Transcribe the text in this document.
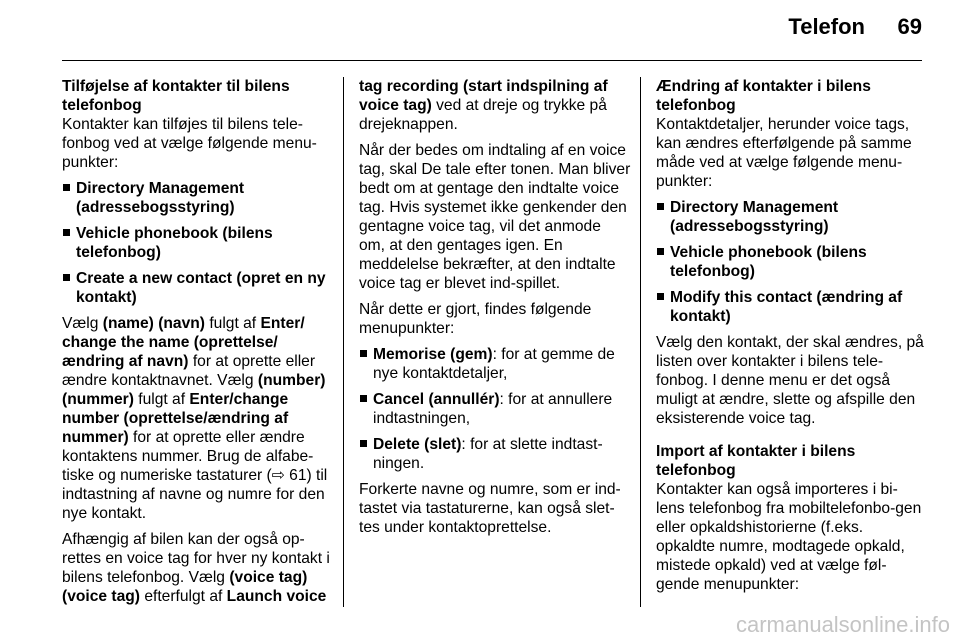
Telefon 69

Tilføjelse af kontakter til bilens telefonbog

Kontakter kan tilføjes til bilens tele-fonbog ved at vælge følgende menu-punkter:

Directory Management (adressebogsstyring)
Vehicle phonebook (bilens telefonbog)
Create a new contact (opret en ny kontakt)

Vælg (name) (navn) fulgt af Enter/ change the name (oprettelse/ ændring af navn) for at oprette eller ændre kontaktnavnet. Vælg (number) (nummer) fulgt af Enter/change number (oprettelse/ændring af nummer) for at oprette eller ændre kontaktens nummer. Brug de alfabe-tiske og numeriske tastaturer (⇨ 61) til indtastning af navne og numre for den nye kontakt.

Afhængig af bilen kan der også op-rettes en voice tag for hver ny kontakt i bilens telefonbog. Vælg (voice tag) (voice tag) efterfulgt af Launch voice

tag recording (start indspilning af voice tag) ved at dreje og trykke på drejeknappen.

Når der bedes om indtaling af en voice tag, skal De tale efter tonen. Man bliver bedt om at gentage den indtalte voice tag. Hvis systemet ikke genkender den gentagne voice tag, vil det anmode om, at den gentages igen. En meddelelse bekræfter, at den indtalte voice tag er blevet ind-spillet.

Når dette er gjort, findes følgende menupunkter:

Memorise (gem): for at gemme de nye kontaktdetaljer,
Cancel (annullér): for at annullere indtastningen,
Delete (slet): for at slette indtast-ningen.

Forkerte navne og numre, som er ind-tastet via tastaturerne, kan også slet-tes under kontaktoprettelse.

Ændring af kontakter i bilens telefonbog

Kontaktdetaljer, herunder voice tags, kan ændres efterfølgende på samme måde ved at vælge følgende menu-punkter:

Directory Management (adressebogsstyring)
Vehicle phonebook (bilens telefonbog)
Modify this contact (ændring af kontakt)

Vælg den kontakt, der skal ændres, på listen over kontakter i bilens tele-fonbog. I denne menu er det også muligt at ændre, slette og afspille den eksisterende voice tag.

Import af kontakter i bilens telefonbog

Kontakter kan også importeres i bi-lens telefonbog fra mobiltelefonbo-gen eller opkaldshistorierne (f.eks. opkaldte numre, modtagede opkald, mistede opkald) ved at vælge føl-gende menupunkter:

carmanualsonline.info
